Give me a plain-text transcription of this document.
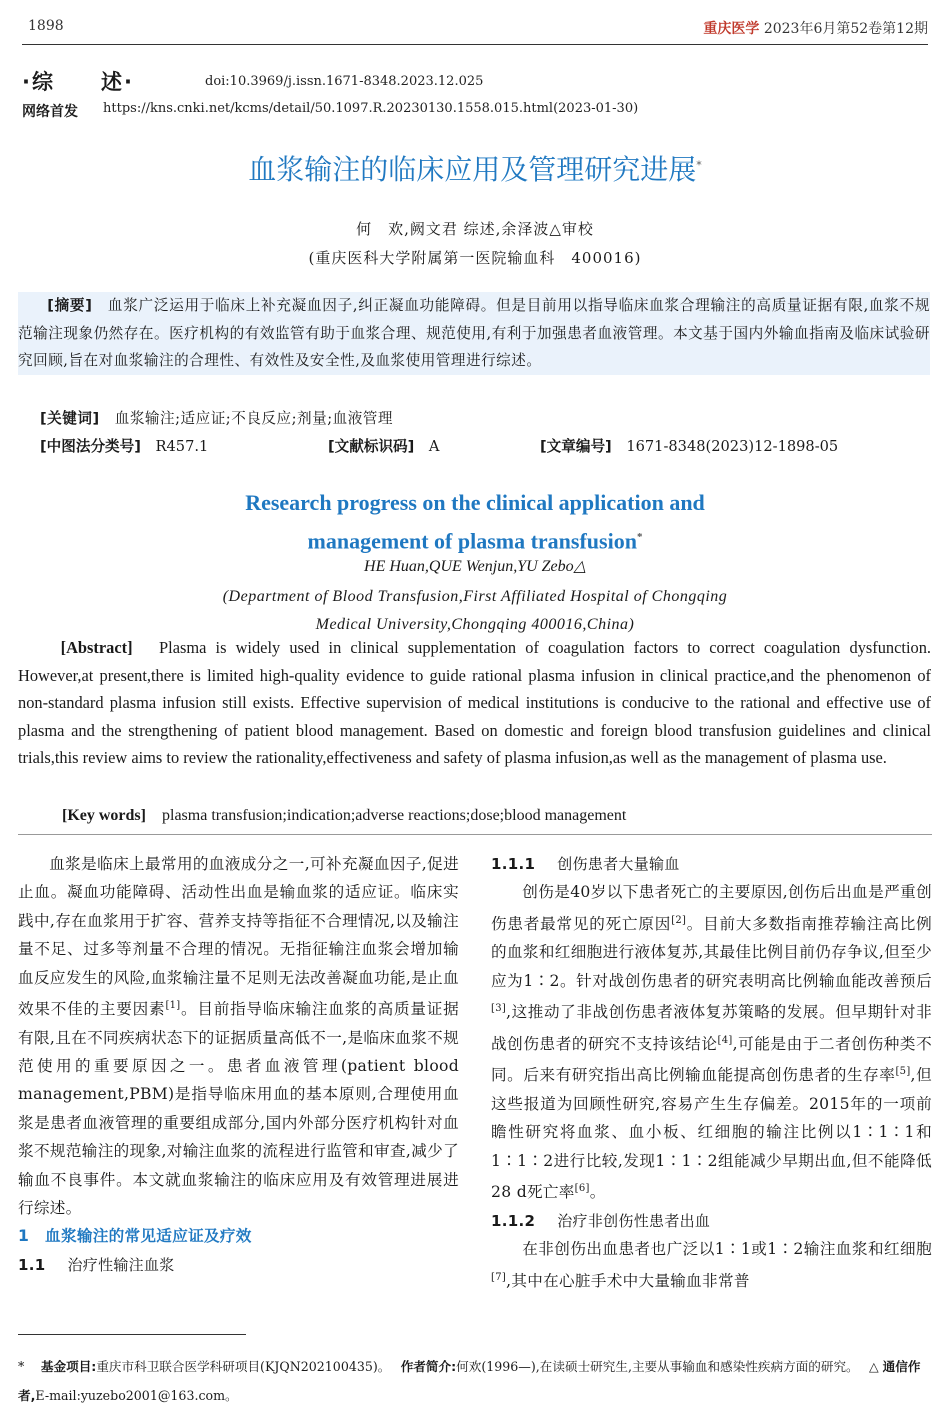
1898	重庆医学 2023年6月第52卷第12期
·综　　述·	doi:10.3969/j.issn.1671-8348.2023.12.025
网络首发 https://kns.cnki.net/kcms/detail/50.1097.R.20230130.1558.015.html(2023-01-30)
血浆输注的临床应用及管理研究进展*
何　欢,阙文君 综述,余泽波△审校
(重庆医科大学附属第一医院输血科　400016)

[摘要]　 血浆广泛运用于临床上补充凝血因子,纠正凝血功能障碍。但是目前用以指导临床血浆合理输注的高质量证据有限,血浆不规范输注现象仍然存在。医疗机构的有效监管有助于血浆合理、规范使用,有利于加强患者血液管理。本文基于国内外输血指南及临床试验研究回顾,旨在对血浆输注的合理性、有效性及安全性,及血浆使用管理进行综述。

[关键词]　 血浆输注;适应证;不良反应;剂量;血液管理
[中图法分类号]　 R457.1	[文献标识码]　 A	[文章编号]　 1671-8348(2023)12-1898-05
Research progress on the clinical application and
management of plasma transfusion*
HE Huan,QUE Wenjun,YU Zebo△
(Department of Blood Transfusion,First Affiliated Hospital of Chongqing
Medical University,Chongqing 400016,China)

[Abstract]　 Plasma is widely used in clinical supplementation of coagulation factors to correct coagulation dysfunction. However,at present,there is limited high-quality evidence to guide rational plasma infusion in clinical practice,and the phenomenon of non-standard plasma infusion still exists. Effective supervision of medical institutions is conducive to the rational and effective use of plasma and the strengthening of patient blood management. Based on domestic and foreign blood transfusion guidelines and clinical trials,this review aims to review the rationality,effectiveness and safety of plasma infusion,as well as the management of plasma use.

[Key words]　 plasma transfusion;indication;adverse reactions;dose;blood management

血浆是临床上最常用的血液成分之一,可补充凝血因子,促进止血。凝血功能障碍、活动性出血是输血浆的适应证。临床实践中,存在血浆用于扩容、营养支持等指征不合理情况,以及输注量不足、过多等剂量不合理的情况。无指征输注血浆会增加输血反应发生的风险,血浆输注量不足则无法改善凝血功能,是止血效果不佳的主要因素[1]。目前指导临床输注血浆的高质量证据有限,且在不同疾病状态下的证据质量高低不一,是临床血浆不规范使用的重要原因之一。患者血液管理(patient blood management,PBM)是指导临床用血的基本原则,合理使用血浆是患者血液管理的重要组成部分,国内外部分医疗机构针对血浆不规范输注的现象,对输注血浆的流程进行监管和审查,减少了输血不良事件。本文就血浆输注的临床应用及有效管理进展进行综述。

1　血浆输注的常见适应证及疗效

1.1 治疗性输注血浆

1.1.1 创伤患者大量输血

创伤是40岁以下患者死亡的主要原因,创伤后出血是严重创伤患者最常见的死亡原因[2]。目前大多数指南推荐输注高比例的血浆和红细胞进行液体复苏,其最佳比例目前仍存争议,但至少应为1∶2。针对战创伤患者的研究表明高比例输血能改善预后[3],这推动了非战创伤患者液体复苏策略的发展。但早期针对非战创伤患者的研究不支持该结论[4],可能是由于二者创伤种类不同。后来有研究指出高比例输血能提高创伤患者的生存率[5],但这些报道为回顾性研究,容易产生生存偏差。2015年的一项前瞻性研究将血浆、血小板、红细胞的输注比例以1∶1∶1和1∶1∶2进行比较,发现1∶1∶2组能减少早期出血,但不能降低28 d死亡率[6]。

1.1.2 治疗非创伤性患者出血

在非创伤出血患者也广泛以1∶1或1∶2输注血浆和红细胞[7],其中在心脏手术中大量输血非常普

*　 基金项目:重庆市科卫联合医学科研项目(KJQN202100435)。　 作者简介:何欢(1996—),在读硕士研究生,主要从事输血和感染性疾病方面的研究。　 △ 通信作者,E-mail:yuzebo2001@163.com。
